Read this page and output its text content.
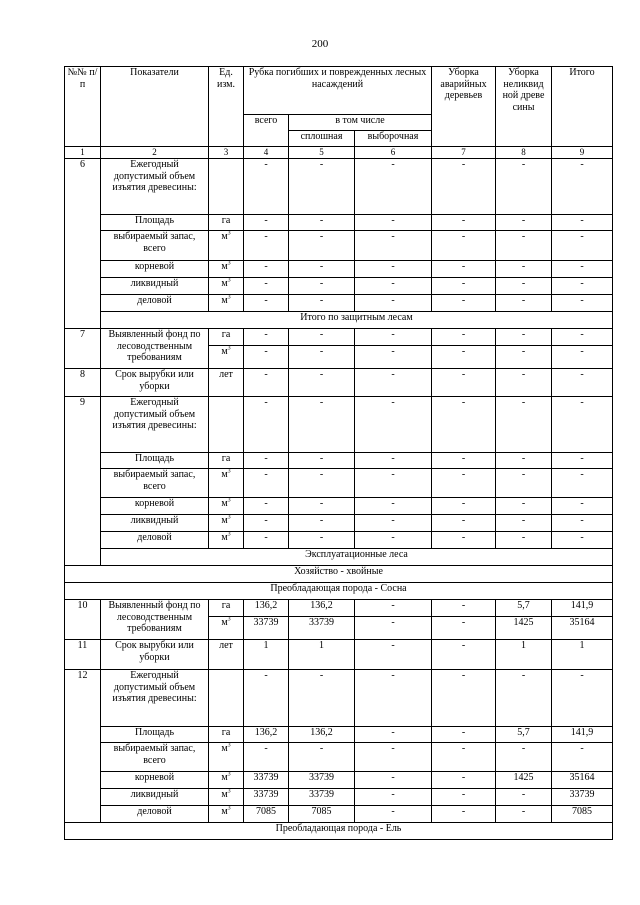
200
№№ п/п	Показатели	Ед. изм.	Рубка погибших и поврежденных лесных насаждений			Уборка аварийных деревьев	Уборка нeликвид ной древе сины	Итого
			всего	в том числе				
				сплошная	выборочная			
1	2	3	4	5	6	7	8	9
6	Ежегодный допустимый объем изъятия древесины:		-	-	-	-	-	-
	Площадь	га	-	-	-	-	-	-
	выбираемый запас, всего	$м^3$	-	-	-	-	-	-
	корневой	$м^3$	-	-	-	-	-	-
	ликвидный	$м^3$	-	-	-	-	-	-
	деловой	$м^3$	-	-	-	-	-	-
	Итого по защитным лесам							
7	Выявленный фонд по лесоводственным требованиям	га	-	-	-	-	-	-
		$м^3$	-	-	-	-	-	-
8	Срок вырубки или уборки	лет	-	-	-	-	-	-
9	Ежегодный допустимый объем изъятия древесины:		-	-	-	-	-	-
	Площадь	га	-	-	-	-	-	-
	выбираемый запас, всего	$м^3$	-	-	-	-	-	-
	корневой	$м^3$	-	-	-	-	-	-
	ликвидный	$м^3$	-	-	-	-	-	-
	деловой	$м^3$	-	-	-	-	-	-
	Эксплуатационные леса							
Хозяйство - хвойные								
Преобладающая порода - Сосна								
10	Выявленный фонд по лесоводственным требованиям	га	136,2	136,2	-	-	5,7	141,9
		$м^3$	33739	33739	-	-	1425	35164
11	Срок вырубки или уборки	лет	1	1	-	-	1	1
12	Ежегодный допустимый объем изъятия древесины:		-	-	-	-	-	-
	Площадь	га	136,2	136,2	-	-	5,7	141,9
	выбираемый запас, всего	$м^3$	-	-	-	-	-	-
	корневой	$м^3$	33739	33739	-	-	1425	35164
	ликвидный	$м^3$	33739	33739	-	-	-	33739
	деловой	$м^3$	7085	7085	-	-	-	7085
Преобладающая порода - Ель								
